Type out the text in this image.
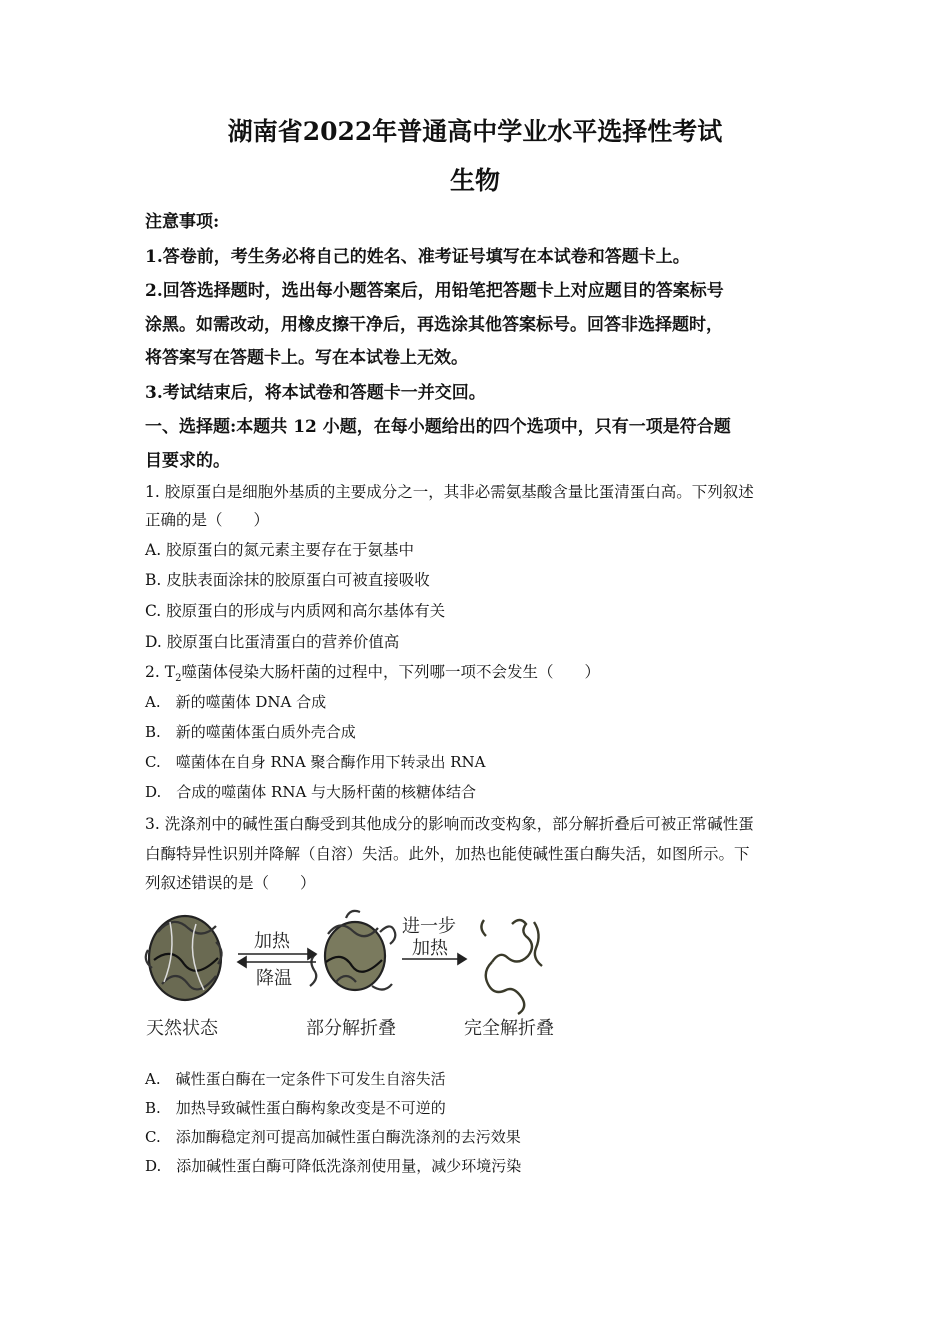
湖南省2022年普通高中学业水平选择性考试
生物
注意事项:
1.答卷前，考生务必将自己的姓名、准考证号填写在本试卷和答题卡上。
2.回答选择题时，选出每小题答案后，用铅笔把答题卡上对应题目的答案标号
涂黑。如需改动，用橡皮擦干净后，再选涂其他答案标号。回答非选择题时，
将答案写在答题卡上。写在本试卷上无效。
3.考试结束后，将本试卷和答题卡一并交回。
一、选择题:本题共 12 小题，在每小题给出的四个选项中，只有一项是符合题
目要求的。
1. 胶原蛋白是细胞外基质的主要成分之一，其非必需氨基酸含量比蛋清蛋白高。下列叙述
正确的是（　　）
A. 胶原蛋白的氮元素主要存在于氨基中
B. 皮肤表面涂抹的胶原蛋白可被直接吸收
C. 胶原蛋白的形成与内质网和高尔基体有关
D. 胶原蛋白比蛋清蛋白的营养价值高
2. $T_2$噬菌体侵染大肠杆菌的过程中，下列哪一项不会发生（　　）
A.　新的噬菌体 DNA 合成
B.　新的噬菌体蛋白质外壳合成
C.　噬菌体在自身 RNA 聚合酶作用下转录出 RNA
D.　合成的噬菌体 RNA 与大肠杆菌的核糖体结合
3. 洗涤剂中的碱性蛋白酶受到其他成分的影响而改变构象，部分解折叠后可被正常碱性蛋
白酶特异性识别并降解（自溶）失活。此外，加热也能使碱性蛋白酶失活，如图所示。下
列叙述错误的是（　　）
加热
降温
进一步
加热
天然状态	部分解折叠	完全解折叠
A.　碱性蛋白酶在一定条件下可发生自溶失活
B.　加热导致碱性蛋白酶构象改变是不可逆的
C.　添加酶稳定剂可提高加碱性蛋白酶洗涤剂的去污效果
D.　添加碱性蛋白酶可降低洗涤剂使用量，减少环境污染
